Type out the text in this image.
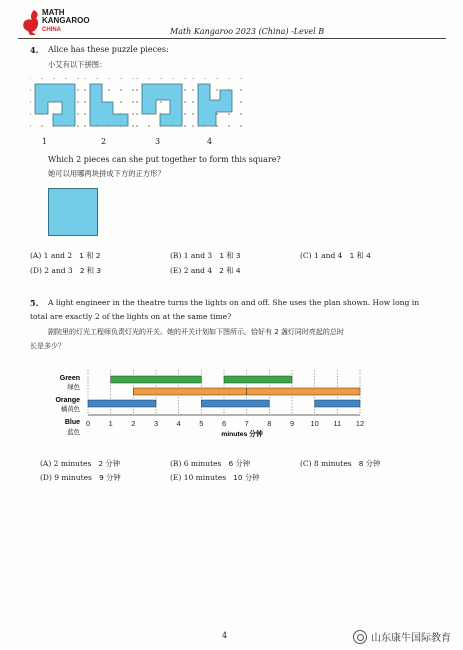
MATH
KANGAROO
CHINA	Math Kangaroo 2023 (China) -Level B
4. Alice has these puzzle pieces:
小艾有以下拼图：
1	2	3	4
Which 2 pieces can she put together to form this square?
她可以用哪两块拼成下方的正方形？
(A) 1 and 2 1 和 2	(B) 1 and 3 1 和 3	(C) 1 and 4 1 和 4
(D) 2 and 3 2 和 3	(E) 2 and 4 2 和 4
5. A light engineer in the theatre turns the lights on and off. She uses the plan shown. How long in
total are exactly 2 of the lights on at the same time?
剧院里的灯光工程师负责灯光的开关。她的开关计划如下图所示。恰好有 2 盏灯同时亮起的总时
长是多少？
0	1	2	3	4	5	6	7	8	9 10 11 12
Green
绿色
Orange
橘黄色
Blue
蓝色	minutes 分钟
(A) 2 minutes 2 分钟	(B) 6 minutes 6 分钟	(C) 8 minutes 8 分钟
(D) 9 minutes 9 分钟	(E) 10 minutes 10 分钟
4	山东康牛国际教育
